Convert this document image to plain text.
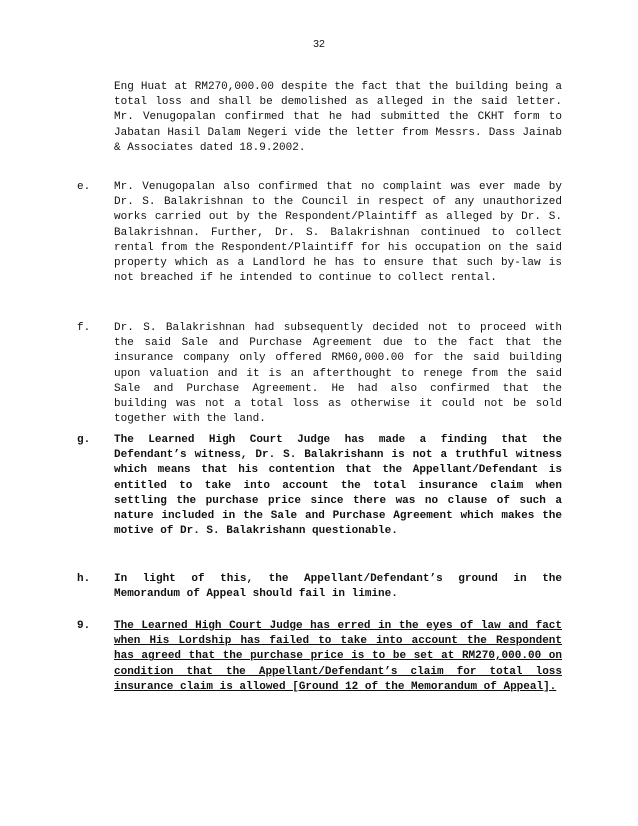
32
Eng Huat at RM270,000.00 despite the fact that the building being a total loss and shall be demolished as alleged in the said letter. Mr. Venugopalan confirmed that he had submitted the CKHT form to Jabatan Hasil Dalam Negeri vide the letter from Messrs. Dass Jainab & Associates dated 18.9.2002.
e.	Mr. Venugopalan also confirmed that no complaint was ever made by Dr. S. Balakrishnan to the Council in respect of any unauthorized works carried out by the Respondent/Plaintiff as alleged by Dr. S. Balakrishnan. Further, Dr. S. Balakrishnan continued to collect rental from the Respondent/Plaintiff for his occupation on the said property which as a Landlord he has to ensure that such by-law is not breached if he intended to continue to collect rental.
f.	Dr. S. Balakrishnan had subsequently decided not to proceed with the said Sale and Purchase Agreement due to the fact that the insurance company only offered RM60,000.00 for the said building upon valuation and it is an afterthought to renege from the said Sale and Purchase Agreement. He had also confirmed that the building was not a total loss as otherwise it could not be sold together with the land.
g.	The Learned High Court Judge has made a finding that the Defendant’s witness, Dr. S. Balakrishann is not a truthful witness which means that his contention that the Appellant/Defendant is entitled to take into account the total insurance claim when settling the purchase price since there was no clause of such a nature included in the Sale and Purchase Agreement which makes the motive of Dr. S. Balakrishann questionable.
h.	In light of this, the Appellant/Defendant’s ground in the Memorandum of Appeal should fail in limine.
9.	The Learned High Court Judge has erred in the eyes of law and fact when His Lordship has failed to take into account the Respondent has agreed that the purchase price is to be set at RM270,000.00 on condition that the Appellant/Defendant’s claim for total loss insurance claim is allowed [Ground 12 of the Memorandum of Appeal].
